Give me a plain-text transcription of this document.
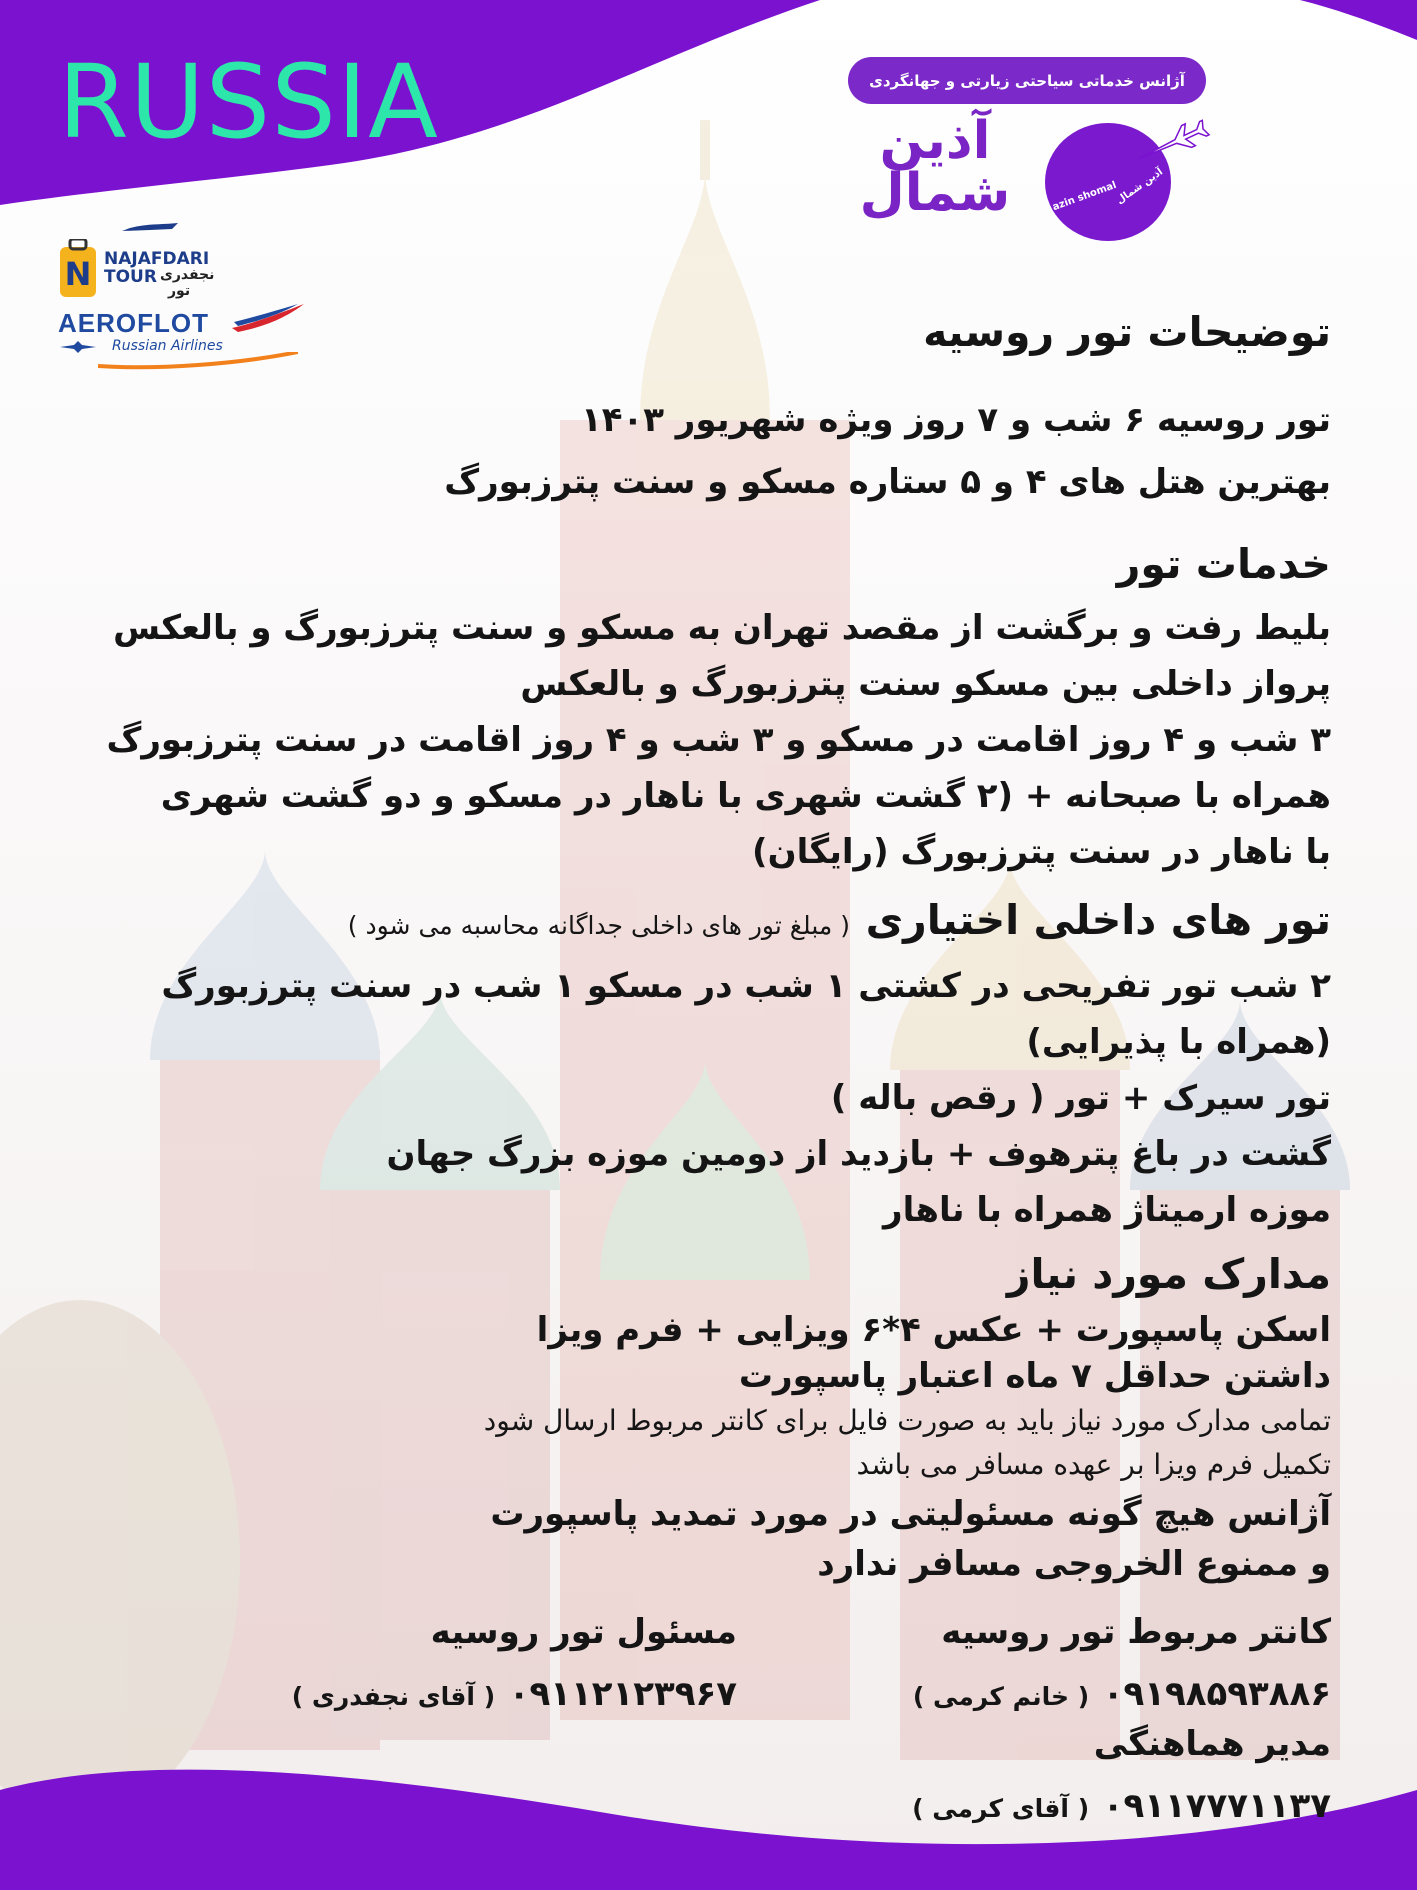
RUSSIA	آژانس خدماتی سیاحتی زیارتی و جهانگردی
آذین
شمال	azin shomal
آذین شمال
N NAJAFDARI
TOUR نجفدری
تور
AEROFLOT
Russian Airlines	توضیحات تور روسیه
تور روسیه ۶ شب و ۷ روز ویژه شهریور ۱۴۰۳
بهترین هتل های ۴ و ۵ ستاره مسکو و سنت پترزبورگ
خدمات تور
بلیط رفت و برگشت از مقصد تهران به مسکو و سنت پترزبورگ و بالعکس
پرواز داخلی بین مسکو سنت پترزبورگ و بالعکس
۳ شب و ۴ روز اقامت در مسکو و ۳ شب و ۴ روز اقامت در سنت پترزبورگ
همراه با صبحانه + (۲ گشت شهری با ناهار در مسکو و دو گشت شهری
با ناهار در سنت پترزبورگ (رایگان)
تور های داخلی اختیاری ( مبلغ تور های داخلی جداگانه محاسبه می شود )
۲ شب تور تفریحی در کشتی ۱ شب در مسکو ۱ شب در سنت پترزبورگ
(همراه با پذیرایی)
تور سیرک + تور ( رقص باله )
گشت در باغ پترهوف + بازدید از دومین موزه بزرگ جهان
موزه ارمیتاژ همراه با ناهار
مدارک مورد نیاز
اسکن پاسپورت + عکس ۴*۶ ویزایی + فرم ویزا
داشتن حداقل ۷ ماه اعتبار پاسپورت
تمامی مدارک مورد نیاز باید به صورت فایل برای کانتر مربوط ارسال شود
تکمیل فرم ویزا بر عهده مسافر می باشد
آژانس هیچ گونه مسئولیتی در مورد تمدید پاسپورت
و ممنوع الخروجی مسافر ندارد
کانتر مربوط تور روسیه
۰۹۱۹۸۵۹۳۸۸۶ ( خانم کرمی )
مدیر هماهنگی
۰۹۱۱۷۷۷۱۱۳۷ ( آقای کرمی )
مسئول تور روسیه
۰۹۱۱۲۱۲۳۹۶۷ ( آقای نجفدری )
